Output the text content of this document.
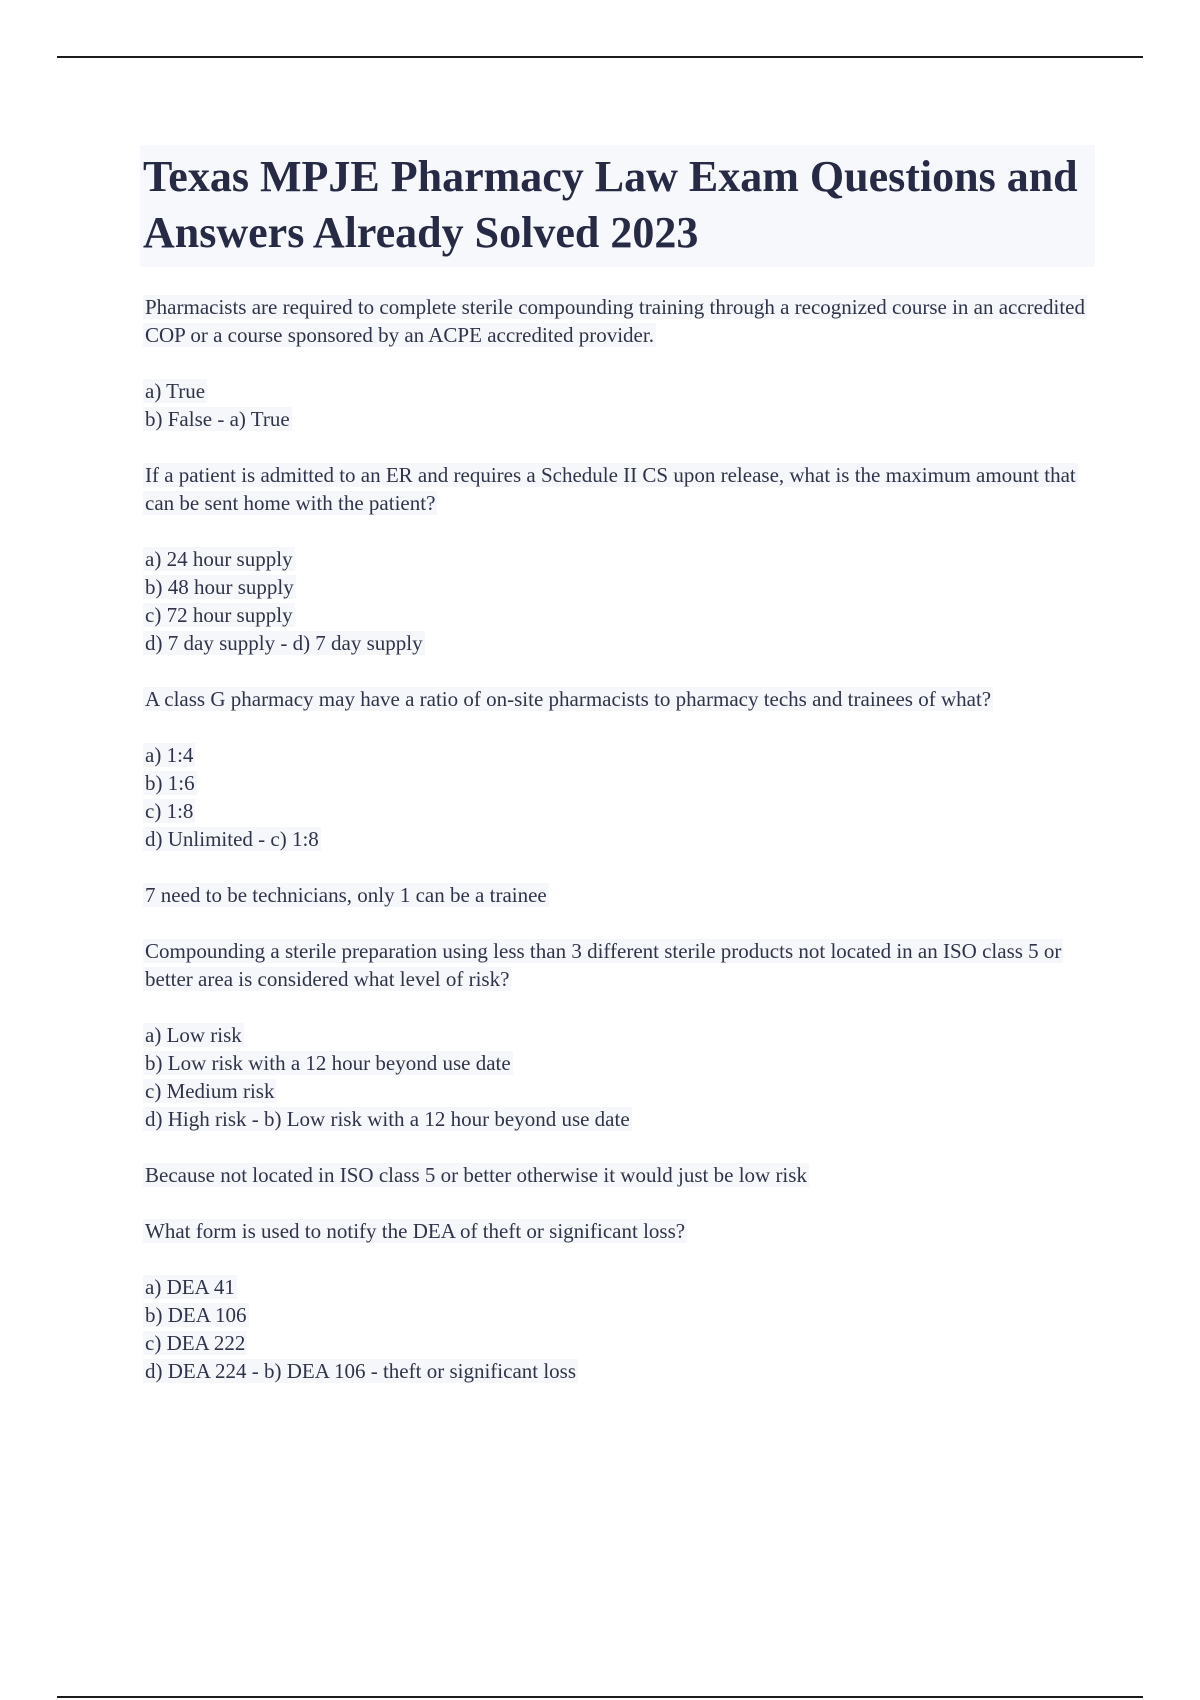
Texas MPJE Pharmacy Law Exam Questions and Answers Already Solved 2023

Pharmacists are required to complete sterile compounding training through a recognized course in an accredited COP or a course sponsored by an ACPE accredited provider.

a) True
b) False - a) True

If a patient is admitted to an ER and requires a Schedule II CS upon release, what is the maximum amount that can be sent home with the patient?

a) 24 hour supply
b) 48 hour supply
c) 72 hour supply
d) 7 day supply - d) 7 day supply

A class G pharmacy may have a ratio of on-site pharmacists to pharmacy techs and trainees of what?

a) 1:4
b) 1:6
c) 1:8
d) Unlimited - c) 1:8

7 need to be technicians, only 1 can be a trainee

Compounding a sterile preparation using less than 3 different sterile products not located in an ISO class 5 or better area is considered what level of risk?

a) Low risk
b) Low risk with a 12 hour beyond use date
c) Medium risk
d) High risk - b) Low risk with a 12 hour beyond use date

Because not located in ISO class 5 or better otherwise it would just be low risk

What form is used to notify the DEA of theft or significant loss?

a) DEA 41
b) DEA 106
c) DEA 222
d) DEA 224 - b) DEA 106 - theft or significant loss
